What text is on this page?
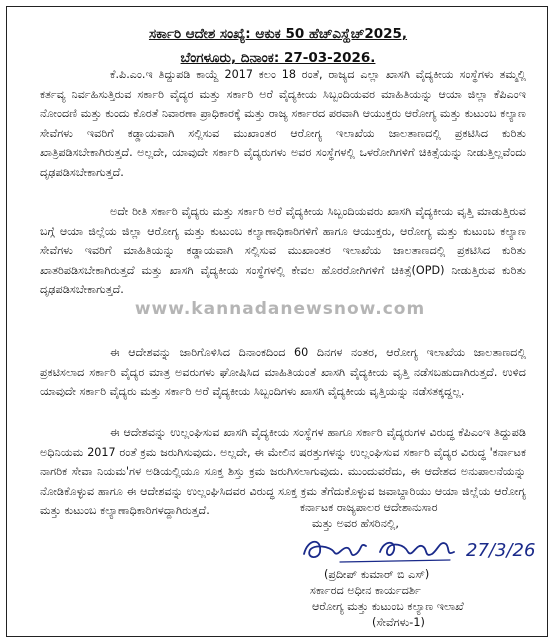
ಸರ್ಕಾರಿ ಆದೇಶ ಸಂಖ್ಯೆ: ಆಕುಕ 50 ಹೆಚ್ಎಸ್ಹೆಚ್2025,
ಬೆಂಗಳೂರು, ದಿನಾಂಕ: 27-03-2026.

ಕೆ.ಪಿ.ಎಂ.ಇ ತಿದ್ದುಪಡಿ ಕಾಯ್ದೆ 2017 ಕಲಂ 18 ರಂತೆ, ರಾಜ್ಯದ ಎಲ್ಲಾ ಖಾಸಗಿ ವೈದ್ಯಕೀಯ ಸಂಸ್ಥೆಗಳು ತಮ್ಮಲ್ಲಿ ಕರ್ತವ್ಯ ನಿರ್ವಹಿಸುತ್ತಿರುವ ಸರ್ಕಾರಿ ವೈದ್ಯರ ಮತ್ತು ಸರ್ಕಾರಿ ಅರೆ ವೈದ್ಯಕೀಯ ಸಿಬ್ಬಂದಿಯವರ ಮಾಹಿತಿಯನ್ನು ಆಯಾ ಜಿಲ್ಲಾ ಕೆಪಿಎಂಇ ನೋಂದಣಿ ಮತ್ತು ಕುಂದು ಕೊರತೆ ನಿವಾರಣಾ ಪ್ರಾಧಿಕಾರಕ್ಕೆ ಮತ್ತು ರಾಜ್ಯ ಸರ್ಕಾರದ ಪರವಾಗಿ ಆಯುಕ್ತರು ಆರೋಗ್ಯ ಮತ್ತು ಕುಟುಂಬ ಕಲ್ಯಾಣ ಸೇವೆಗಳು ಇವರಿಗೆ ಕಡ್ಡಾಯವಾಗಿ ಸಲ್ಲಿಸುವ ಮುಖಾಂತರ ಆರೋಗ್ಯ ಇಲಾಖೆಯ ಜಾಲತಾಣದಲ್ಲಿ ಪ್ರಕಟಿಸಿದ ಕುರಿತು ಖಾತ್ರಿಪಡಿಸಬೇಕಾಗಿರುತ್ತದೆ. ಅಲ್ಲದೇ, ಯಾವುದೇ ಸರ್ಕಾರಿ ವೈದ್ಯರುಗಳು ಅವರ ಸಂಸ್ಥೆಗಳಲ್ಲಿ ಒಳರೋಗಿಗಳಿಗೆ ಚಿಕಿತ್ಸೆಯನ್ನು ನೀಡುತ್ತಿಲ್ಲವೆಂದು ದೃಢಪಡಿಸಬೇಕಾಗುತ್ತದೆ.

ಅದೇ ರೀತಿ ಸರ್ಕಾರಿ ವೈದ್ಯರು ಮತ್ತು ಸರ್ಕಾರಿ ಅರೆ ವೈದ್ಯಕೀಯ ಸಿಬ್ಬಂದಿಯವರು ಖಾಸಗಿ ವೈದ್ಯಕೀಯ ವೃತ್ತಿ ಮಾಡುತ್ತಿರುವ ಬಗ್ಗೆ ಆಯಾ ಜಿಲ್ಲೆಯ ಜಿಲ್ಲಾ ಆರೋಗ್ಯ ಮತ್ತು ಕುಟುಂಬ ಕಲ್ಯಾಣಾಧಿಕಾರಿಗಳಿಗೆ ಹಾಗೂ ಆಯುಕ್ತರು, ಆರೋಗ್ಯ ಮತ್ತು ಕುಟುಂಬ ಕಲ್ಯಾಣ ಸೇವೆಗಳು ಇವರಿಗೆ ಮಾಹಿತಿಯನ್ನು ಕಡ್ಡಾಯವಾಗಿ ಸಲ್ಲಿಸುವ ಮುಖಾಂತರ ಇಲಾಖೆಯ ಜಾಲತಾಣದಲ್ಲಿ ಪ್ರಕಟಿಸಿದ ಕುರಿತು ಖಾತರಿಪಡಿಸಬೇಕಾಗಿರುತ್ತದೆ ಮತ್ತು ಖಾಸಗಿ ವೈದ್ಯಕೀಯ ಸಂಸ್ಥೆಗಳಲ್ಲಿ ಕೇವಲ ಹೊರರೋಗಿಗಳಿಗೆ ಚಿಕಿತ್ಸೆ(OPD) ನೀಡುತ್ತಿರುವ ಕುರಿತು ದೃಢಪಡಿಸಬೇಕಾಗುತ್ತದೆ.

ಈ ಆದೇಶವನ್ನು ಜಾರಿಗೊಳಿಸಿದ ದಿನಾಂಕದಿಂದ 60 ದಿನಗಳ ನಂತರ, ಆರೋಗ್ಯ ಇಲಾಖೆಯ ಜಾಲತಾಣದಲ್ಲಿ ಪ್ರಕಟಿಸಲಾದ ಸರ್ಕಾರಿ ವೈದ್ಯರ ಮಾತ್ರ ಅವರುಗಳು ಘೋಷಿಸಿದ ಮಾಹಿತಿಯಂತೆ ಖಾಸಗಿ ವೈದ್ಯಕೀಯ ವೃತ್ತಿ ನಡೆಸಬಹುದಾಗಿರುತ್ತದೆ. ಉಳಿದ ಯಾವುದೇ ಸರ್ಕಾರಿ ವೈದ್ಯರು ಮತ್ತು ಸರ್ಕಾರಿ ಅರೆ ವೈದ್ಯಕೀಯ ಸಿಬ್ಬಂದಿಗಳು ಖಾಸಗಿ ವೈದ್ಯಕೀಯ ವೃತ್ತಿಯನ್ನು ನಡೆಸತಕ್ಕದ್ದಲ್ಲ.

ಈ ಆದೇಶವನ್ನು ಉಲ್ಲಂಘಿಸುವ ಖಾಸಗಿ ವೈದ್ಯಕೀಯ ಸಂಸ್ಥೆಗಳ ಹಾಗೂ ಸರ್ಕಾರಿ ವೈದ್ಯರುಗಳ ವಿರುದ್ಧ ಕೆಪಿಎಂಇ ತಿದ್ದುಪಡಿ ಅಧಿನಿಯಮ 2017 ರಂತೆ ಕ್ರಮ ಜರುಗಿಸುವುದು. ಅಲ್ಲದೇ, ಈ ಮೇಲಿನ ಷರತ್ತುಗಳನ್ನು ಉಲ್ಲಂಘಿಸುವ ಸರ್ಕಾರಿ ವೈದ್ಯರ ವಿರುದ್ಧ 'ಕರ್ನಾಟಕ ನಾಗರಿಕ ಸೇವಾ ನಿಯಮ'ಗಳ ಅಡಿಯಲ್ಲಿಯೂ ಸೂಕ್ತ ಶಿಸ್ತು ಕ್ರಮ ಜರುಗಿಸಲಾಗುವುದು. ಮುಂದುವರೆದು, ಈ ಆದೇಶದ ಅನುಪಾಲನೆಯನ್ನು ನೋಡಿಕೊಳ್ಳುವ ಹಾಗೂ ಈ ಆದೇಶವನ್ನು ಉಲ್ಲಂಘಿಸಿದವರ ವಿರುದ್ಧ ಸೂಕ್ತ ಕ್ರಮ ತೆಗೆದುಕೊಳ್ಳುವ ಜವಾಬ್ದಾರಿಯು ಆಯಾ ಜಿಲ್ಲೆಯ ಆರೋಗ್ಯ ಮತ್ತು ಕುಟುಂಬ ಕಲ್ಯಾಣಾಧಿಕಾರಿಗಳದ್ದಾಗಿರುತ್ತದೆ.

www.kannadanewsnow.com
ಕರ್ನಾಟಕ ರಾಜ್ಯಪಾಲರ ಆದೇಶಾನುಸಾರ
ಮತ್ತು ಅವರ ಹೆಸರಿನಲ್ಲಿ,
27/3/26
(ಪ್ರದೀಪ್ ಕುಮಾರ್ ಬಿ ಎಸ್)
ಸರ್ಕಾರದ ಅಧೀನ ಕಾರ್ಯದರ್ಶಿ
ಆರೋಗ್ಯ ಮತ್ತು ಕುಟುಂಬ ಕಲ್ಯಾಣ ಇಲಾಖೆ
(ಸೇವೆಗಳು-1)
